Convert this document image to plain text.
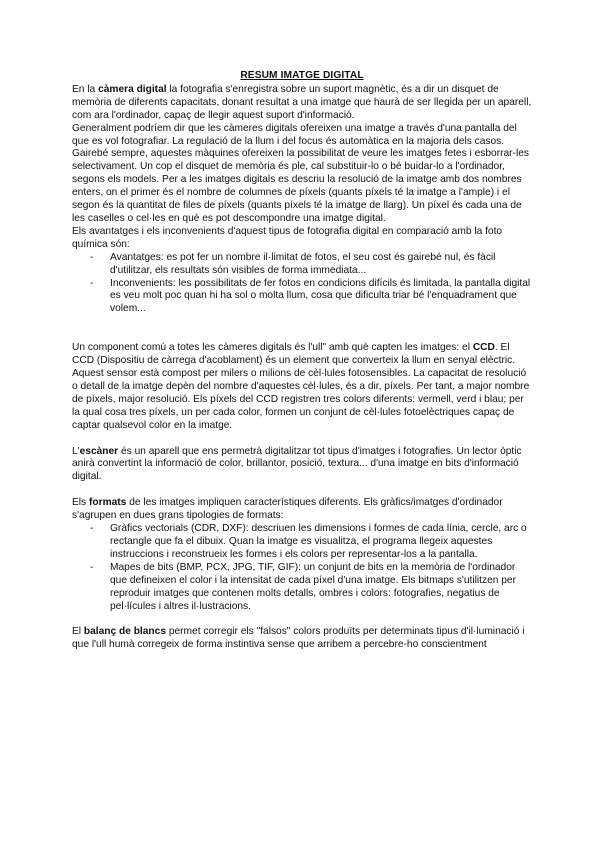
RESUM IMATGE DIGITAL

En la càmera digital la fotografia s'enregistra sobre un suport magnètic, és a dir un disquet de memòria de diferents capacitats, donant resultat a una imatge que haurà de ser llegida per un aparell, com ara l'ordinador, capaç de llegir aquest suport d'informació.

Generalment podríem dir que les càmeres digitals ofereixen una imatge a través d'una pantalla del que es vol fotografiar. La regulació de la llum i del focus és automàtica en la majoria dels casos. Gairebé sempre, aquestes màquines ofereixen la possibilitat de veure les imatges fetes i esborrar-les selectivament. Un cop el disquet de memòria és ple, cal substituir-lo o bé buidar-lo a l'ordinador, segons els models. Per a les imatges digitals es descriu la resolució de la imatge amb dos nombres enters, on el primer és el nombre de columnes de píxels (quants píxels té la imatge a l'ample) i el segon és la quantitat de files de píxels (quants píxels té la imatge de llarg). Un píxel és cada una de les caselles o cel·les en què es pot descompondre una imatge digital.

Els avantatges i els inconvenients d'aquest tipus de fotografia digital en comparació amb la foto química són:

- Avantatges: es pot fer un nombre il·limitat de fotos, el seu cost és gairebé nul, és fàcil d'utilitzar, els resultats són visibles de forma immediata...
- Inconvenients: les possibilitats de fer fotos en condicions difícils és limitada, la pantalla digital es veu molt poc quan hi ha sol o molta llum, cosa que dificulta triar bé l'enquadrament que volem...

Un component comú a totes les càmeres digitals és l'ull" amb què capten les imatges: el CCD. El CCD (Dispositiu de càrrega d'acoblament) és un element que converteix la llum en senyal elèctric. Aquest sensor està compost per milers o milions de cèl·lules fotosensibles. La capacitat de resolució o detall de la imatge depèn del nombre d'aquestes cèl·lules, és a dir, píxels. Per tant, a major nombre de píxels, major resolució. Els píxels del CCD registren tres colors diferents: vermell, verd i blau; per la qual cosa tres píxels, un per cada color, formen un conjunt de cèl·lules fotoelèctriques capaç de captar qualsevol color en la imatge.

L'escàner és un aparell que ens permetrà digitalitzar tot tipus d'imatges i fotografies. Un lector òptic anirà convertint la informació de color, brillantor, posició, textura... d'una imatge en bits d'informació digital.

Els formats de les imatges impliquen característiques diferents. Els gràfics/imatges d'ordinador s'agrupen en dues grans tipologies de formats:

- Gràfics vectorials (CDR, DXF): descriuen les dimensions i formes de cada línia, cercle, arc o rectangle que fa el dibuix. Quan la imatge es visualitza, el programa llegeix aquestes instruccions i reconstrueix les formes i els colors per representar-los a la pantalla.
- Mapes de bits (BMP, PCX, JPG, TIF, GIF): un conjunt de bits en la memòria de l'ordinador que defineixen el color i la intensitat de cada píxel d'una imatge. Els bitmaps s'utilitzen per reproduir imatges que contenen molts detalls, ombres i colors: fotografies, negatius de pel·lícules i altres il·lustracions.

El balanç de blancs permet corregir els "falsos" colors produïts per determinats tipus d'il·luminació i que l'ull humà corregeix de forma instintiva sense que arribem a percebre-ho conscientment
